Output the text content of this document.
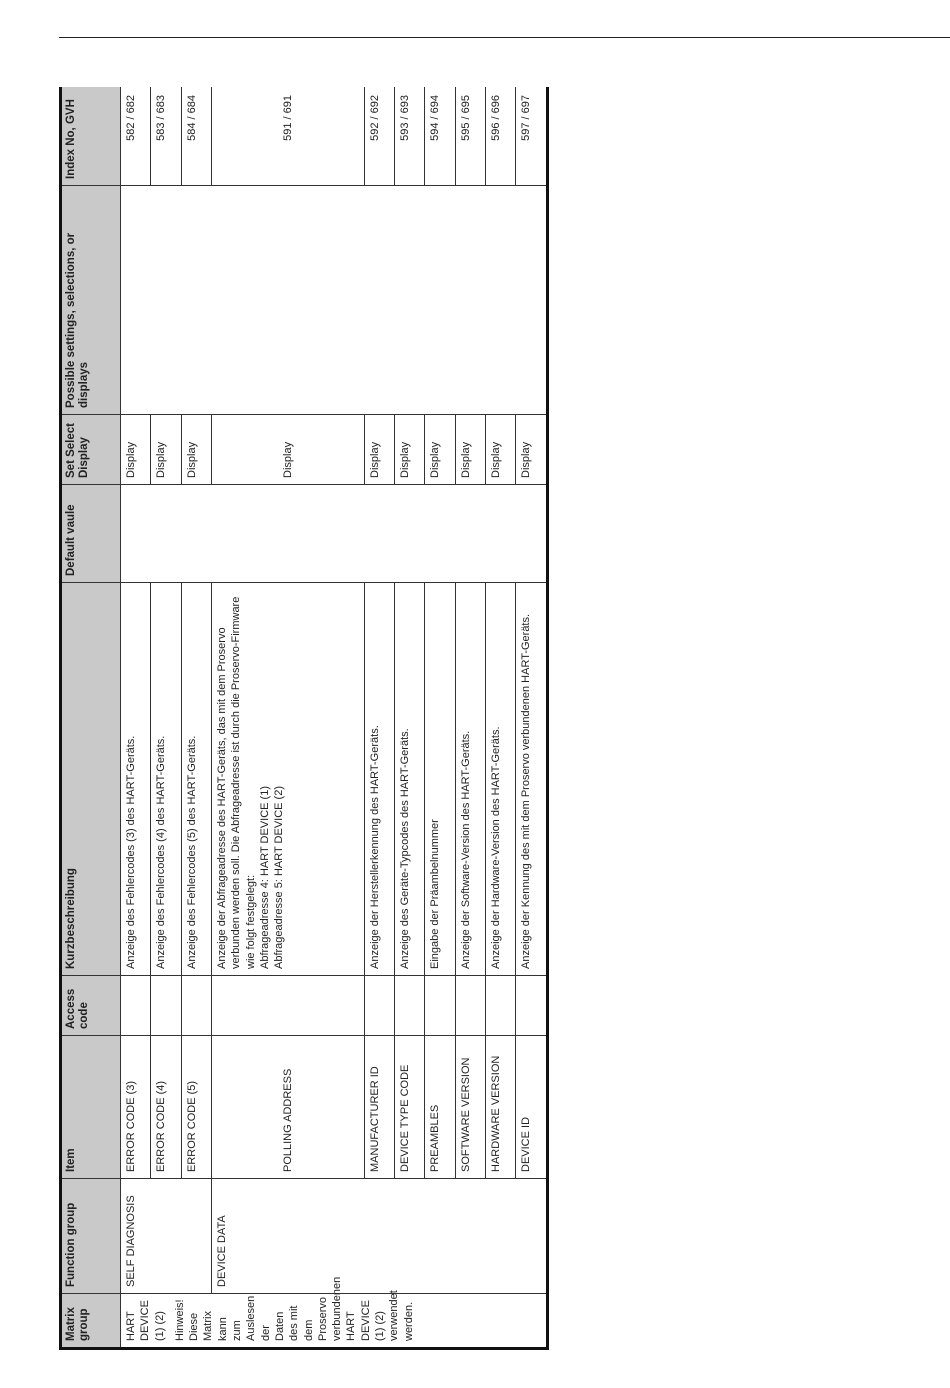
Matrix group	Function group	Item	Access code	Kurzbeschreibung	Default vaule	Set Select Display	Possible settings, selections, or displays	Index No, GVH
HART DEVICE (1) (2) Hinweis! Diese Matrix kann zum Auslesen der Daten des mit dem Proservo verbundenen HART DEVICE (1) (2) verwendet werden.	SELF DIAGNOSIS	ERROR CODE (3)		Anzeige des Fehlercodes (3) des HART-Geräts.		Display		582 / 682
		ERROR CODE (4)		Anzeige des Fehlercodes (4) des HART-Geräts.		Display		583 / 683
		ERROR CODE (5)		Anzeige des Fehlercodes (5) des HART-Geräts.		Display		584 / 684
	DEVICE DATA	POLLING ADDRESS		Anzeige der Abfrageadresse des HART-Geräts, das mit dem Proservo verbunden werden soll. Die Abfrageadresse ist durch die Proservo-Firmware wie folgt festgelegt: Abfrageadresse 4: HART DEVICE (1) Abfrageadresse 5: HART DEVICE (2)		Display		591 / 691
		MANUFACTURER ID		Anzeige der Herstellerkennung des HART-Geräts.		Display		592 / 692
		DEVICE TYPE CODE		Anzeige des Geräte-Typcodes des HART-Geräts.		Display		593 / 693
		PREAMBLES		Eingabe der Präambelnummer		Display		594 / 694
		SOFTWARE VERSION		Anzeige der Software-Version des HART-Geräts.		Display		595 / 695
		HARDWARE VERSION		Anzeige der Hardware-Version des HART-Geräts.		Display		596 / 696
		DEVICE ID		Anzeige der Kennung des mit dem Proservo verbundenen HART-Geräts.		Display		597 / 697
